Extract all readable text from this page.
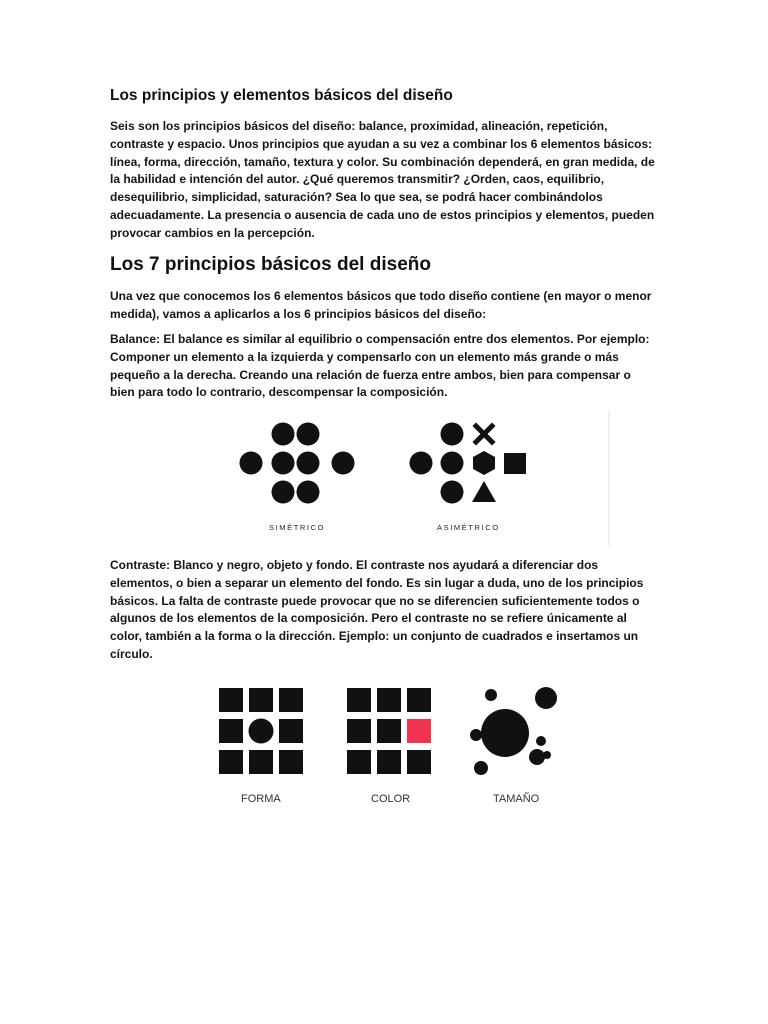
Los principios y elementos básicos del diseño

Seis son los principios básicos del diseño: balance, proximidad, alineación, repetición, contraste y espacio. Unos principios que ayudan a su vez a combinar los 6 elementos básicos: línea, forma, dirección, tamaño, textura y color. Su combinación dependerá, en gran medida, de la habilidad e intención del autor. ¿Qué queremos transmitir? ¿Orden, caos, equilibrio, desequilibrio, simplicidad, saturación? Sea lo que sea, se podrá hacer combinándolos adecuadamente. La presencia o ausencia de cada uno de estos principios y elementos, pueden provocar cambios en la percepción.

Los 7 principios básicos del diseño

Una vez que conocemos los 6 elementos básicos que todo diseño contiene (en mayor o menor medida), vamos a aplicarlos a los 6 principios básicos del diseño:

Balance: El balance es similar al equilibrio o compensación entre dos elementos. Por ejemplo: Componer un elemento a la izquierda y compensarlo con un elemento más grande o más pequeño a la derecha. Creando una relación de fuerza entre ambos, bien para compensar o bien para todo lo contrario, descompensar la composición.

Contraste: Blanco y negro, objeto y fondo. El contraste nos ayudará a diferenciar dos elementos, o bien a separar un elemento del fondo. Es sin lugar a duda, uno de los principios básicos. La falta de contraste puede provocar que no se diferencien suficientemente todos o algunos de los elementos de la composición. Pero el contraste no se refiere únicamente al color, también a la forma o la dirección. Ejemplo: un conjunto de cuadrados e insertamos un círculo.

SIMÉTRICO	ASIMÉTRICO
FORMA	COLOR	TAMAÑO
